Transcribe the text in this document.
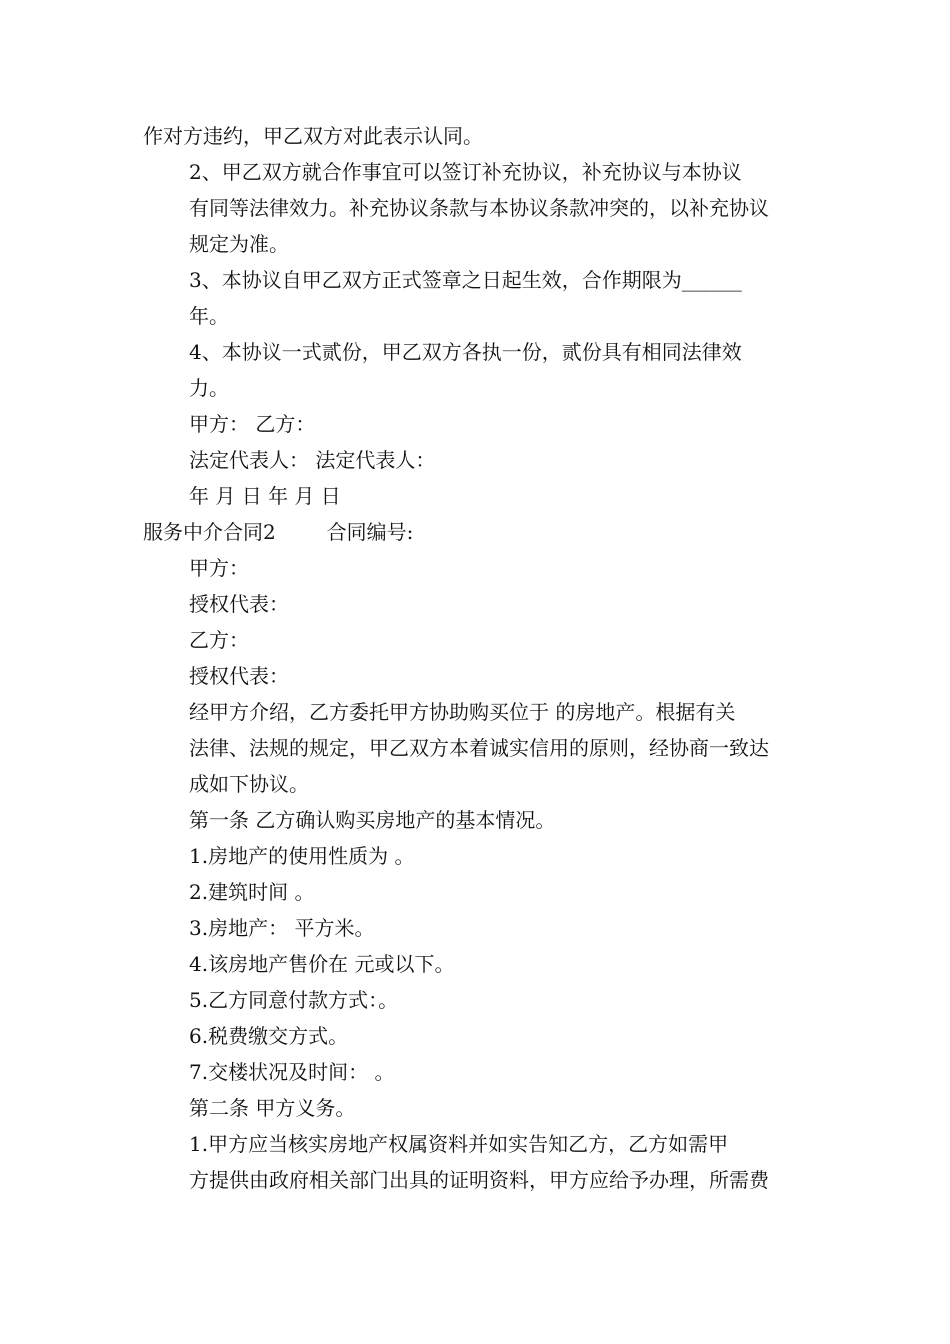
作对方违约，甲乙双方对此表示认同。

2、甲乙双方就合作事宜可以签订补充协议，补充协议与本协议
有同等法律效力。补充协议条款与本协议条款冲突的，以补充协议
规定为准。

3、本协议自甲乙双方正式签章之日起生效，合作期限为______
年。

4、本协议一式贰份，甲乙双方各执一份，贰份具有相同法律效
力。

甲方： 乙方：

法定代表人： 法定代表人：

年 月 日 年 月 日

服务中介合同2        合同编号:

甲方：

授权代表：

乙方：

授权代表：

经甲方介绍，乙方委托甲方协助购买位于 的房地产。根据有关
法律、法规的规定，甲乙双方本着诚实信用的原则，经协商一致达
成如下协议。

第一条 乙方确认购买房地产的基本情况。

1.房地产的使用性质为 。

2.建筑时间 。

3.房地产： 平方米。

4.该房地产售价在 元或以下。

5.乙方同意付款方式：。

6.税费缴交方式。

7.交楼状况及时间： 。

第二条 甲方义务。

1.甲方应当核实房地产权属资料并如实告知乙方，乙方如需甲
方提供由政府相关部门出具的证明资料，甲方应给予办理，所需费
